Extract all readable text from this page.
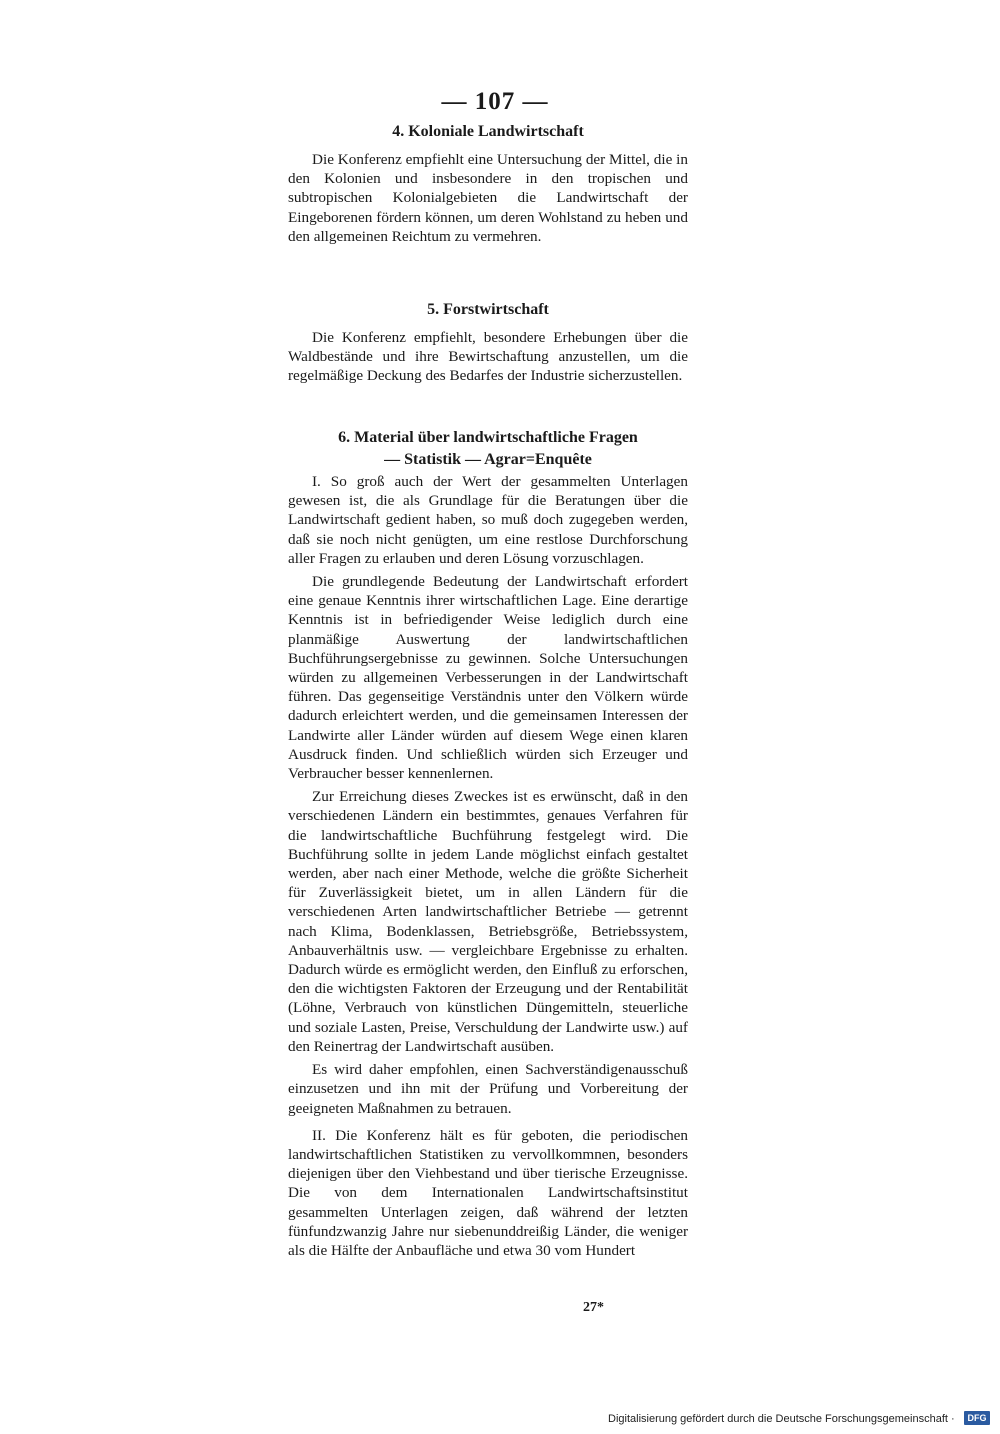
— 107 —
4. Koloniale Landwirtschaft

Die Konferenz empfiehlt eine Untersuchung der Mittel, die in den Kolonien und insbesondere in den tropischen und subtropischen Kolonialgebieten die Landwirtschaft der Eingeborenen fördern können, um deren Wohlstand zu heben und den allgemeinen Reichtum zu vermehren.

5. Forstwirtschaft

Die Konferenz empfiehlt, besondere Erhebungen über die Waldbestände und ihre Bewirtschaftung anzustellen, um die regelmäßige Deckung des Bedarfes der Industrie sicherzustellen.

6. Material über landwirtschaftliche Fragen
— Statistik — Agrar=Enquête

I. So groß auch der Wert der gesammelten Unterlagen gewesen ist, die als Grundlage für die Beratungen über die Landwirtschaft gedient haben, so muß doch zugegeben werden, daß sie noch nicht genügten, um eine restlose Durchforschung aller Fragen zu erlauben und deren Lösung vorzuschlagen.

Die grundlegende Bedeutung der Landwirtschaft erfordert eine genaue Kenntnis ihrer wirtschaftlichen Lage. Eine derartige Kenntnis ist in befriedigender Weise lediglich durch eine planmäßige Auswertung der landwirtschaftlichen Buchführungsergebnisse zu gewinnen. Solche Untersuchungen würden zu allgemeinen Verbesserungen in der Landwirtschaft führen. Das gegenseitige Verständnis unter den Völkern würde dadurch erleichtert werden, und die gemeinsamen Interessen der Landwirte aller Länder würden auf diesem Wege einen klaren Ausdruck finden. Und schließlich würden sich Erzeuger und Verbraucher besser kennenlernen.

Zur Erreichung dieses Zweckes ist es erwünscht, daß in den verschiedenen Ländern ein bestimmtes, genaues Verfahren für die landwirtschaftliche Buchführung festgelegt wird. Die Buchführung sollte in jedem Lande möglichst einfach gestaltet werden, aber nach einer Methode, welche die größte Sicherheit für Zuverlässigkeit bietet, um in allen Ländern für die verschiedenen Arten landwirtschaftlicher Betriebe — getrennt nach Klima, Bodenklassen, Betriebsgröße, Betriebssystem, Anbauverhältnis usw. — vergleichbare Ergebnisse zu erhalten. Dadurch würde es ermöglicht werden, den Einfluß zu erforschen, den die wichtigsten Faktoren der Erzeugung und der Rentabilität (Löhne, Verbrauch von künstlichen Düngemitteln, steuerliche und soziale Lasten, Preise, Verschuldung der Landwirte usw.) auf den Reinertrag der Landwirtschaft ausüben.

Es wird daher empfohlen, einen Sachverständigenausschuß einzusetzen und ihn mit der Prüfung und Vorbereitung der geeigneten Maßnahmen zu betrauen.

II. Die Konferenz hält es für geboten, die periodischen landwirtschaftlichen Statistiken zu vervollkommnen, besonders diejenigen über den Viehbestand und über tierische Erzeugnisse. Die von dem Internationalen Landwirtschaftsinstitut gesammelten Unterlagen zeigen, daß während der letzten fünfundzwanzig Jahre nur siebenunddreißig Länder, die weniger als die Hälfte der Anbaufläche und etwa 30 vom Hundert

27*
Digitalisierung gefördert durch die Deutsche Forschungsgemeinschaft ·	DFG
